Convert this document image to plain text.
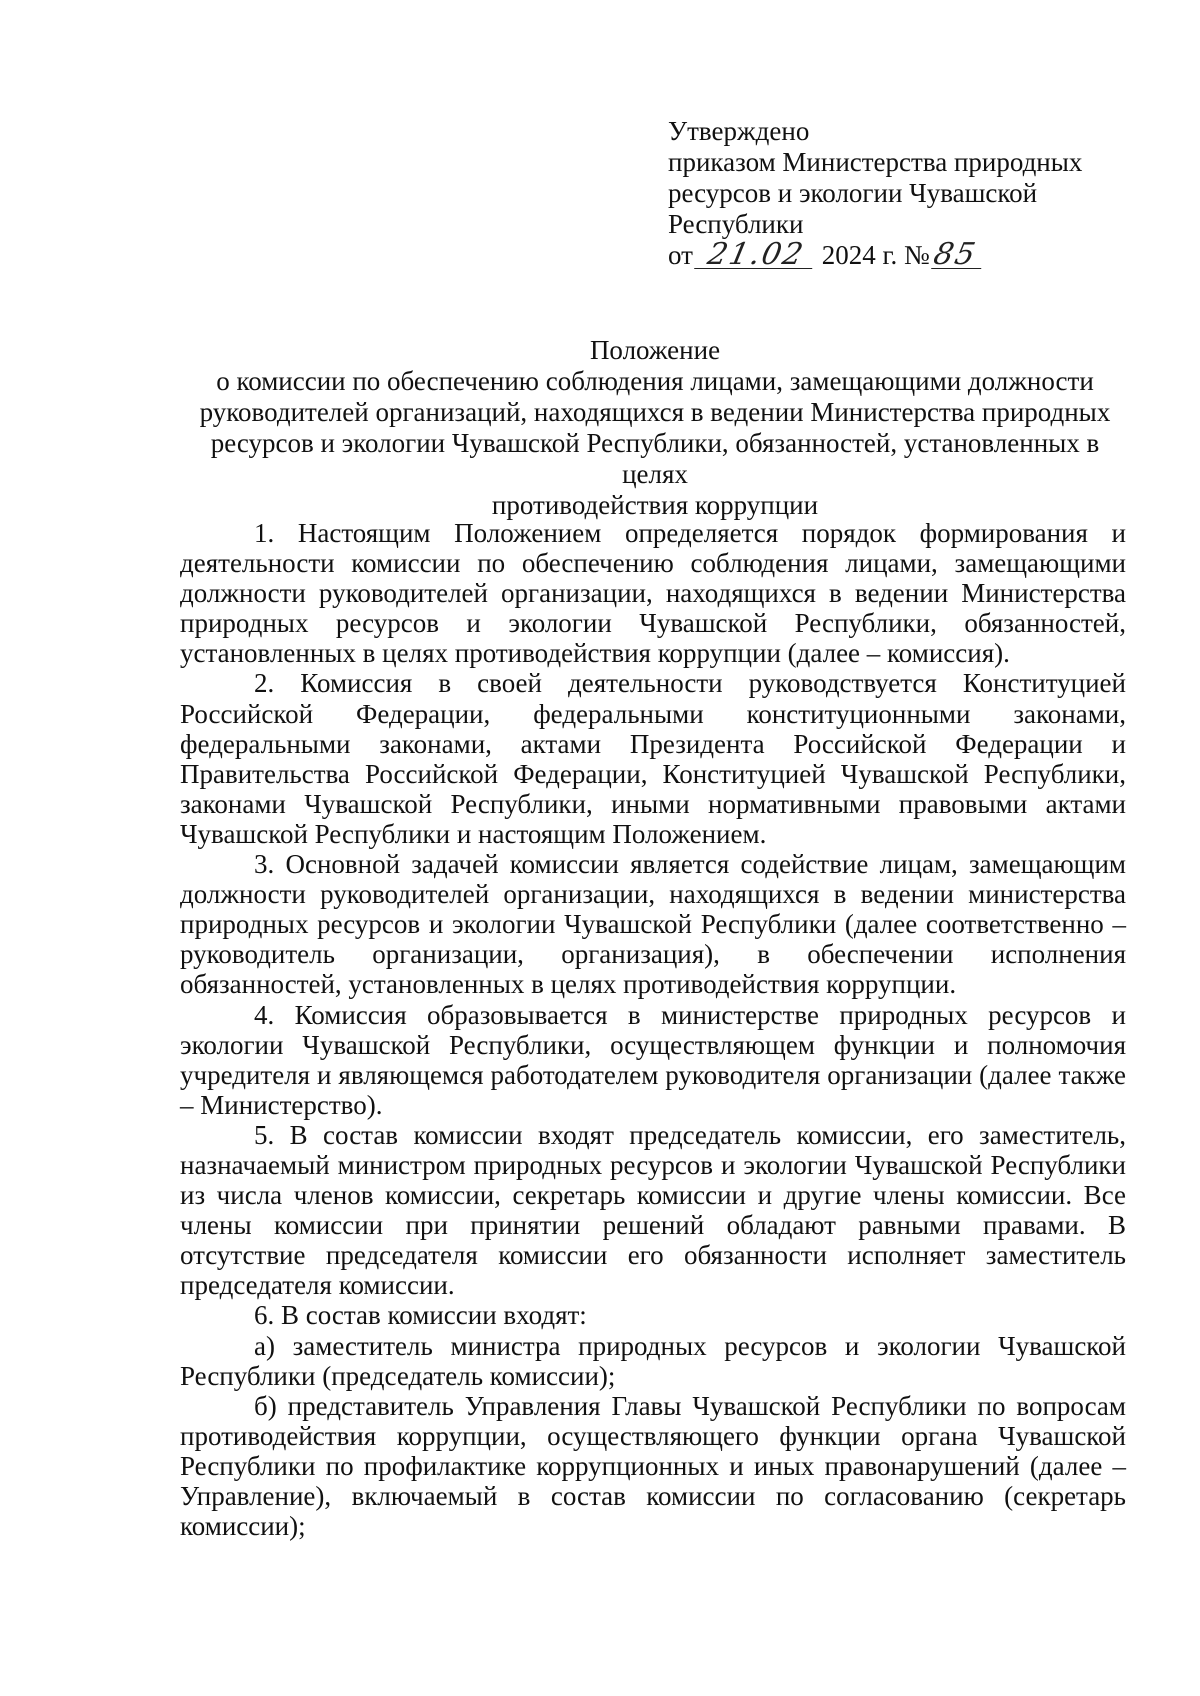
Утверждено
приказом Министерства природных
ресурсов и экологии Чувашской
Республики
от 21.02 2024 г. №85
Положение
о комиссии по обеспечению соблюдения лицами, замещающими должности
руководителей организаций, находящихся в ведении Министерства природных
ресурсов и экологии Чувашской Республики, обязанностей, установленных в целях
противодействия коррупции

1. Настоящим Положением определяется порядок формирования и деятельности комиссии по обеспечению соблюдения лицами, замещающими должности руководителей организации, находящихся в ведении Министерства природных ресурсов и экологии Чувашской Республики, обязанностей, установленных в целях противодействия коррупции (далее – комиссия).

2. Комиссия в своей деятельности руководствуется Конституцией Российской Федерации, федеральными конституционными законами, федеральными законами, актами Президента Российской Федерации и Правительства Российской Федерации, Конституцией Чувашской Республики, законами Чувашской Республики, иными нормативными правовыми актами Чувашской Республики и настоящим Положением.

3. Основной задачей комиссии является содействие лицам, замещающим должности руководителей организации, находящихся в ведении министерства природных ресурсов и экологии Чувашской Республики (далее соответственно – руководитель организации, организация), в обеспечении исполнения обязанностей, установленных в целях противодействия коррупции.

4. Комиссия образовывается в министерстве природных ресурсов и экологии Чувашской Республики, осуществляющем функции и полномочия учредителя и являющемся работодателем руководителя организации (далее также – Министерство).

5. В состав комиссии входят председатель комиссии, его заместитель, назначаемый министром природных ресурсов и экологии Чувашской Республики из числа членов комиссии, секретарь комиссии и другие члены комиссии. Все члены комиссии при принятии решений обладают равными правами. В отсутствие председателя комиссии его обязанности исполняет заместитель председателя комиссии.

6. В состав комиссии входят:

а) заместитель министра природных ресурсов и экологии Чувашской Республики (председатель комиссии);

б) представитель Управления Главы Чувашской Республики по вопросам противодействия коррупции, осуществляющего функции органа Чувашской Республики по профилактике коррупционных и иных правонарушений (далее – Управление), включаемый в состав комиссии по согласованию (секретарь комиссии);
